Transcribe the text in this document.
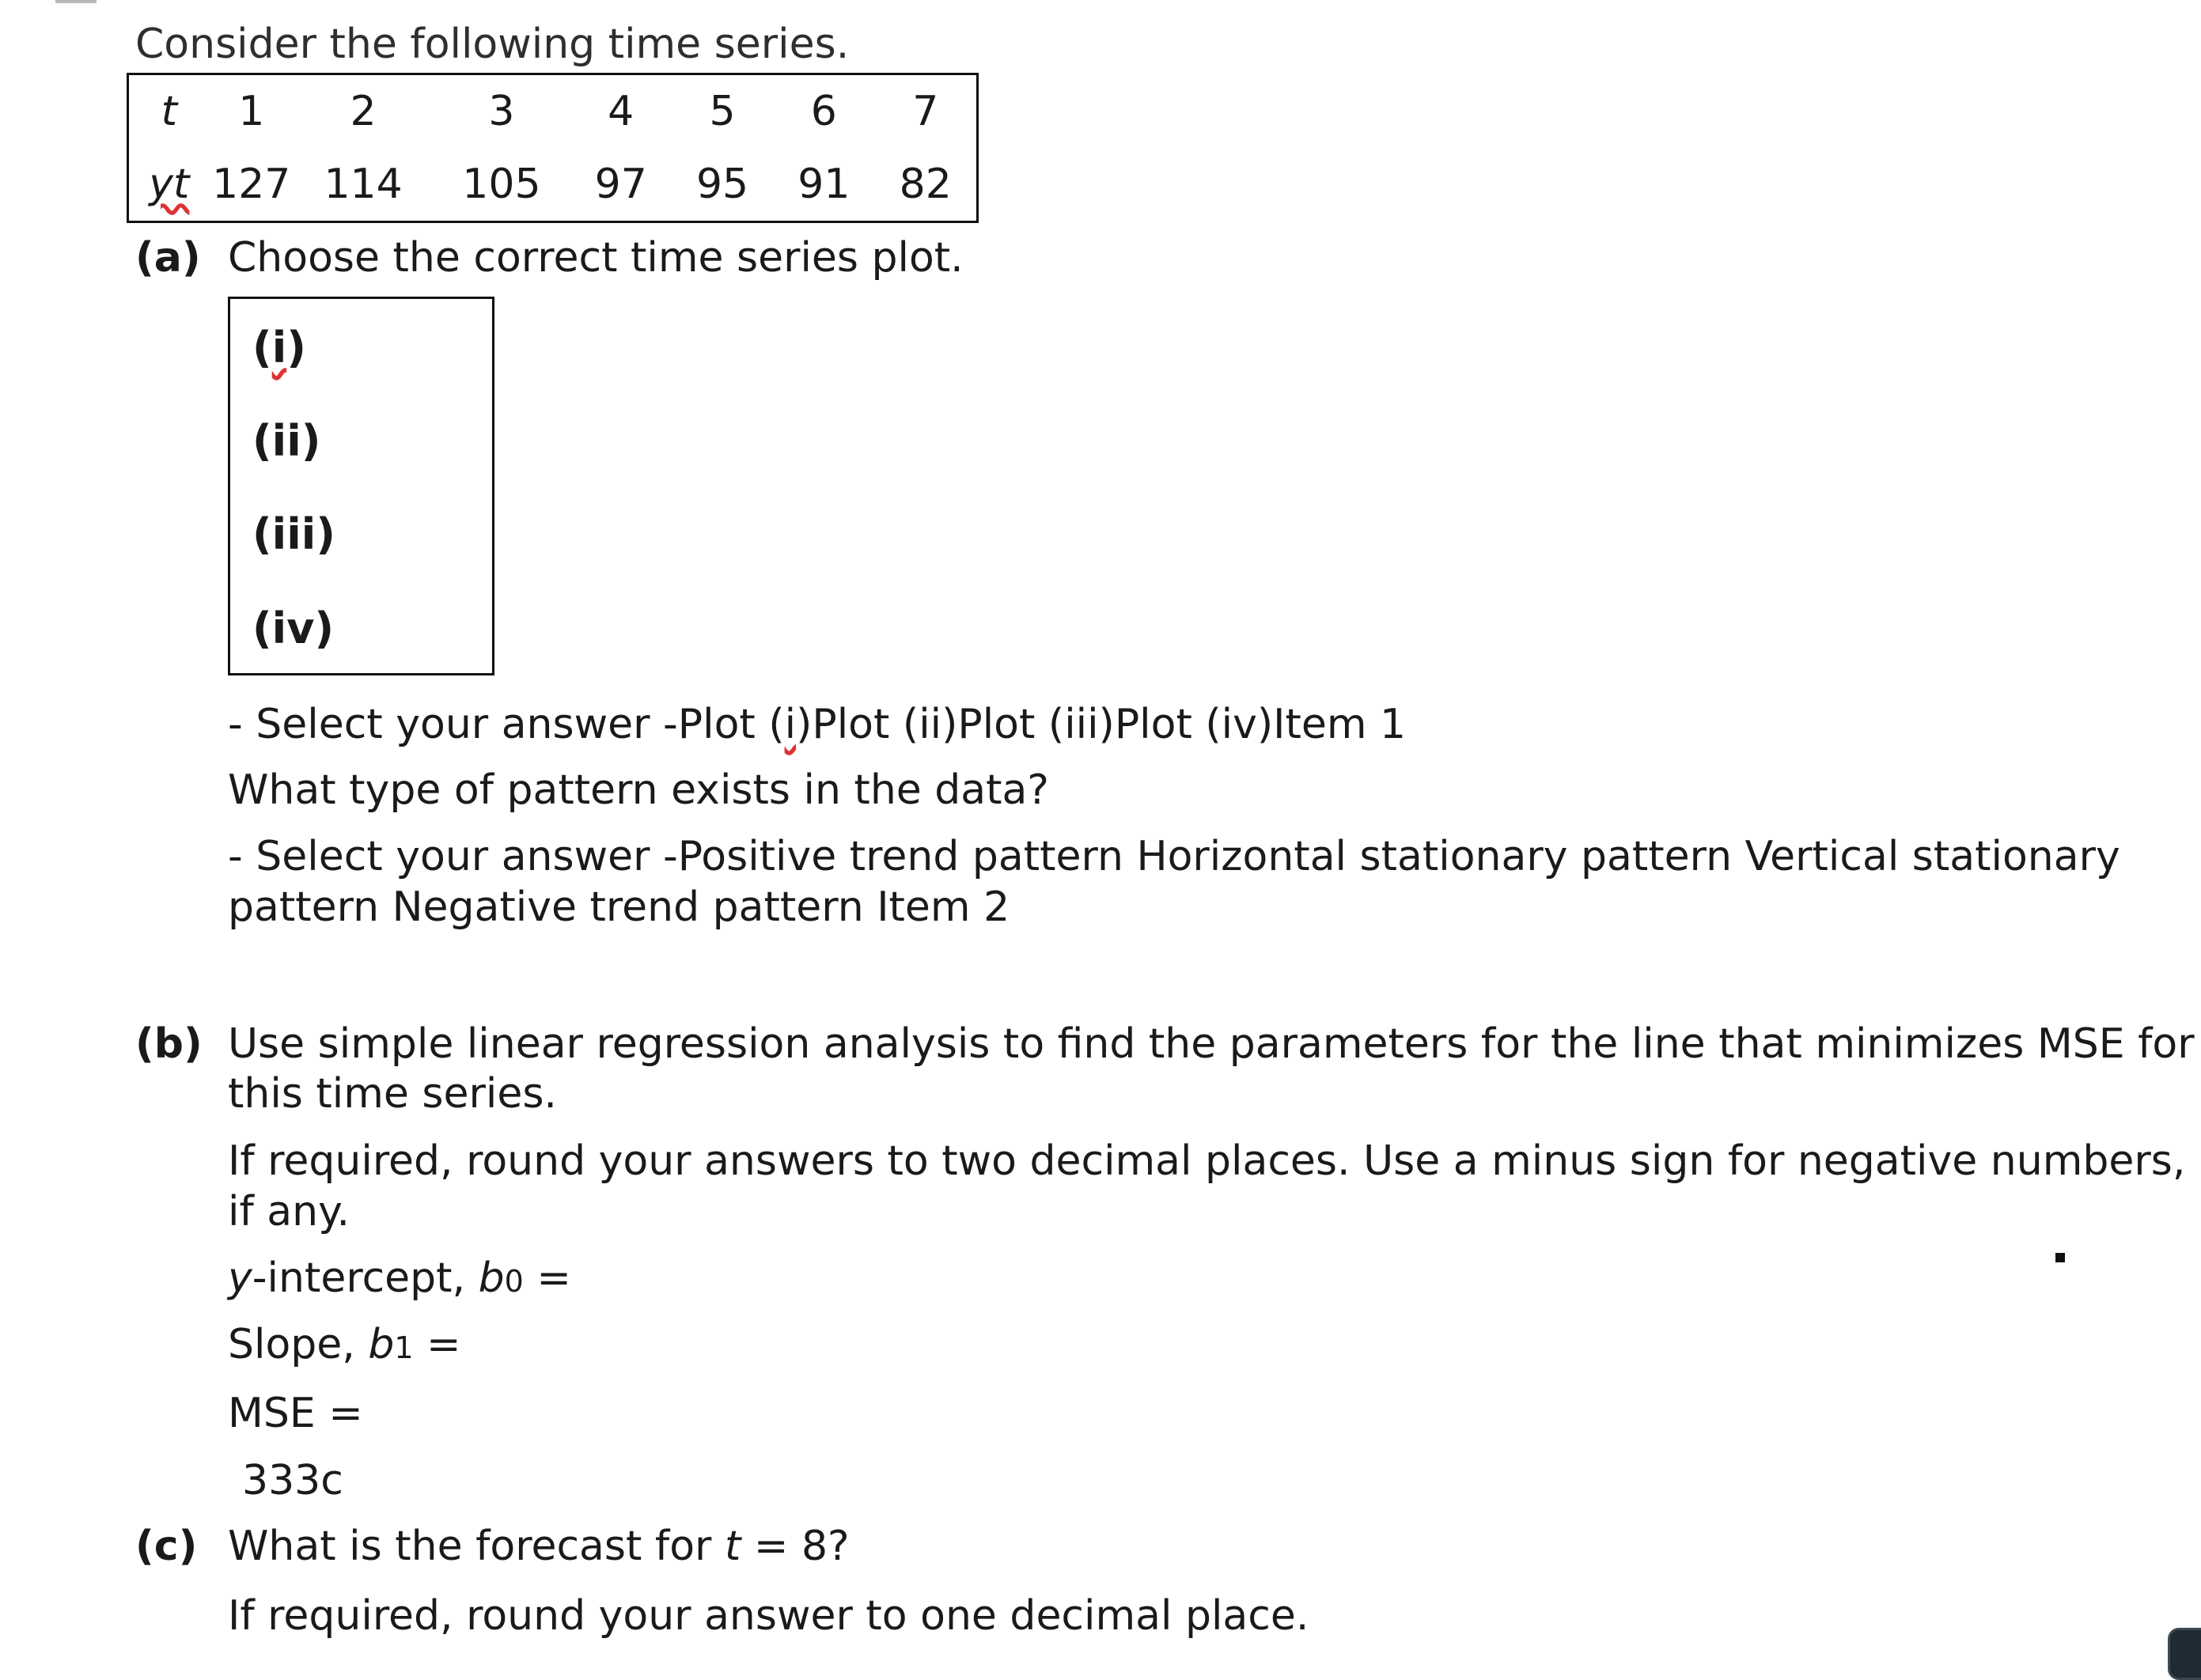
Consider the following time series.
t	1	2	3	4	5	6	7
yt	127	114	105	97	95	91	82
(a) Choose the correct time series plot.
(i)
(ii)
(iii)
(iv)
- Select your answer -Plot (i)Plot (ii)Plot (iii)Plot (iv)Item 1
What type of pattern exists in the data?
- Select your answer -Positive trend pattern Horizontal stationary pattern Vertical stationary
pattern Negative trend pattern Item 2
(b) Use simple linear regression analysis to find the parameters for the line that minimizes MSE for
this time series.
If required, round your answers to two decimal places. Use a minus sign for negative numbers,
if any.
y-intercept, b0 =
Slope, b1 =
MSE =
333c
(c) What is the forecast for t = 8?
If required, round your answer to one decimal place.
